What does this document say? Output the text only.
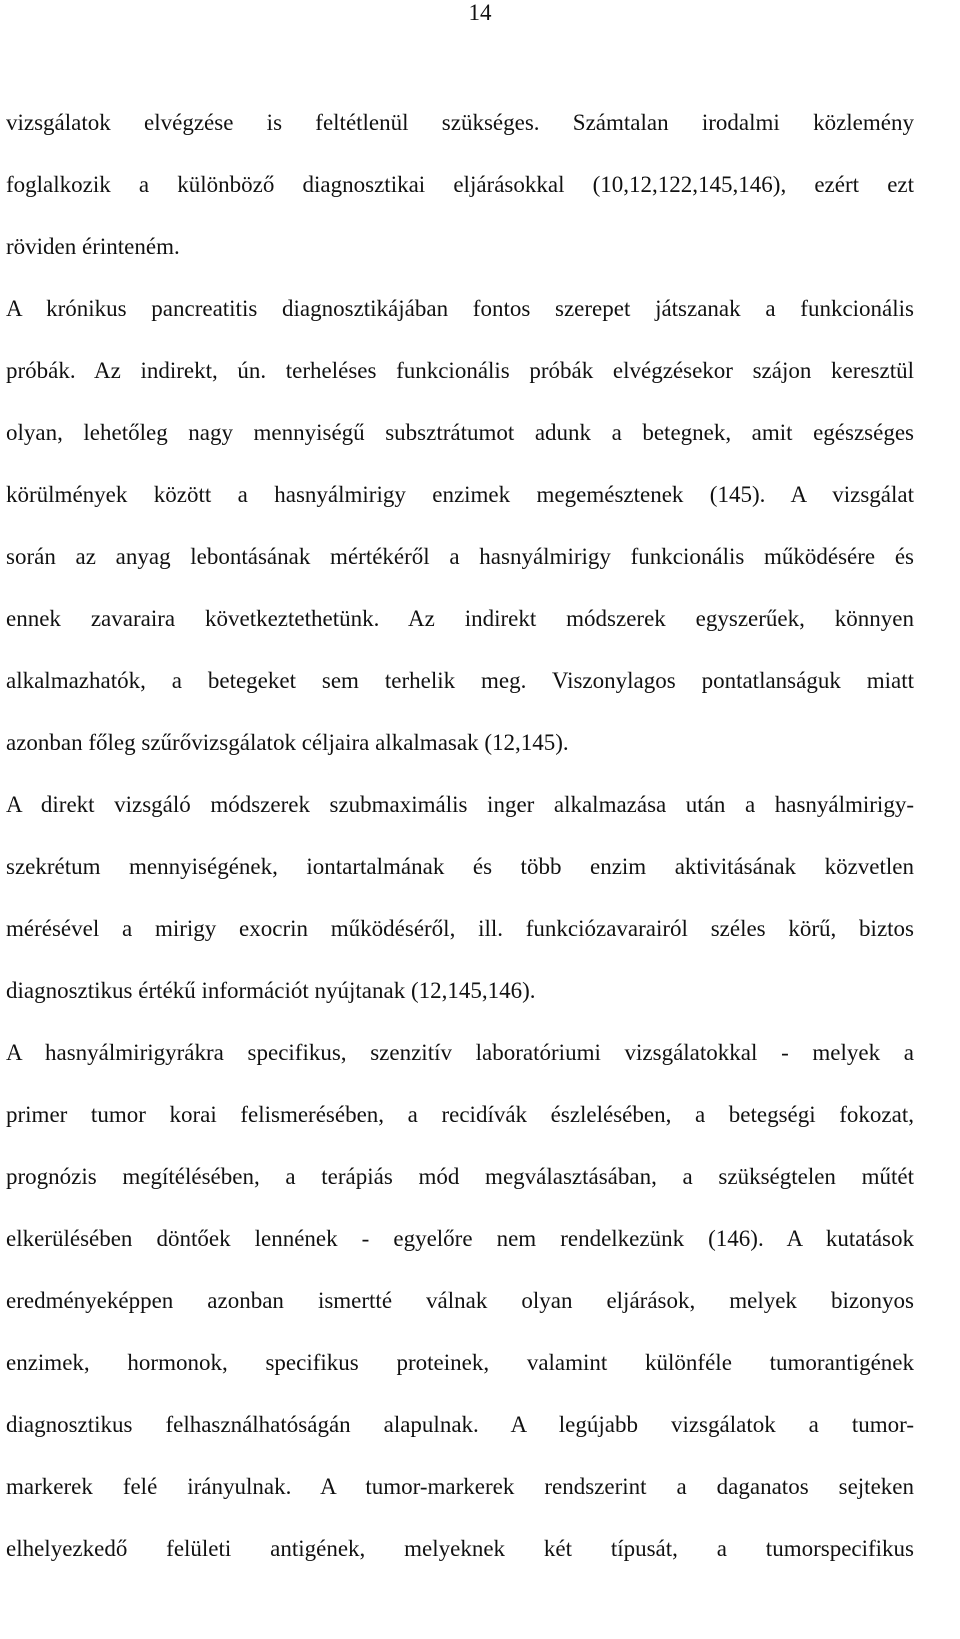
14
vizsgálatok elvégzése is feltétlenül szükséges. Számtalan irodalmi közlemény
foglalkozik a különböző diagnosztikai eljárásokkal (10,12,122,145,146), ezért ezt
röviden érinteném.
A krónikus pancreatitis diagnosztikájában fontos szerepet játszanak a funkcionális
próbák. Az indirekt, ún. terheléses funkcionális próbák elvégzésekor szájon keresztül
olyan, lehetőleg nagy mennyiségű subsztrátumot adunk a betegnek, amit egészséges
körülmények között a hasnyálmirigy enzimek megemésztenek (145). A vizsgálat
során az anyag lebontásának mértékéről a hasnyálmirigy funkcionális működésére és
ennek zavaraira következtethetünk. Az indirekt módszerek egyszerűek, könnyen
alkalmazhatók, a betegeket sem terhelik meg. Viszonylagos pontatlanságuk miatt
azonban főleg szűrővizsgálatok céljaira alkalmasak (12,145).
A direkt vizsgáló módszerek szubmaximális inger alkalmazása után a hasnyálmirigy-
szekrétum mennyiségének, iontartalmának és több enzim aktivitásának közvetlen
mérésével a mirigy exocrin működéséről, ill. funkciózavarairól széles körű, biztos
diagnosztikus értékű információt nyújtanak (12,145,146).
A hasnyálmirigyrákra specifikus, szenzitív laboratóriumi vizsgálatokkal - melyek a
primer tumor korai felismerésében, a recidívák észlelésében, a betegségi fokozat,
prognózis megítélésében, a terápiás mód megválasztásában, a szükségtelen műtét
elkerülésében döntőek lennének - egyelőre nem rendelkezünk (146). A kutatások
eredményeképpen azonban ismertté válnak olyan eljárások, melyek bizonyos
enzimek, hormonok, specifikus proteinek, valamint különféle tumorantigének
diagnosztikus felhasználhatóságán alapulnak. A legújabb vizsgálatok a tumor-
markerek felé irányulnak. A tumor-markerek rendszerint a daganatos sejteken
elhelyezkedő felületi antigének, melyeknek két típusát, a tumorspecifikus
